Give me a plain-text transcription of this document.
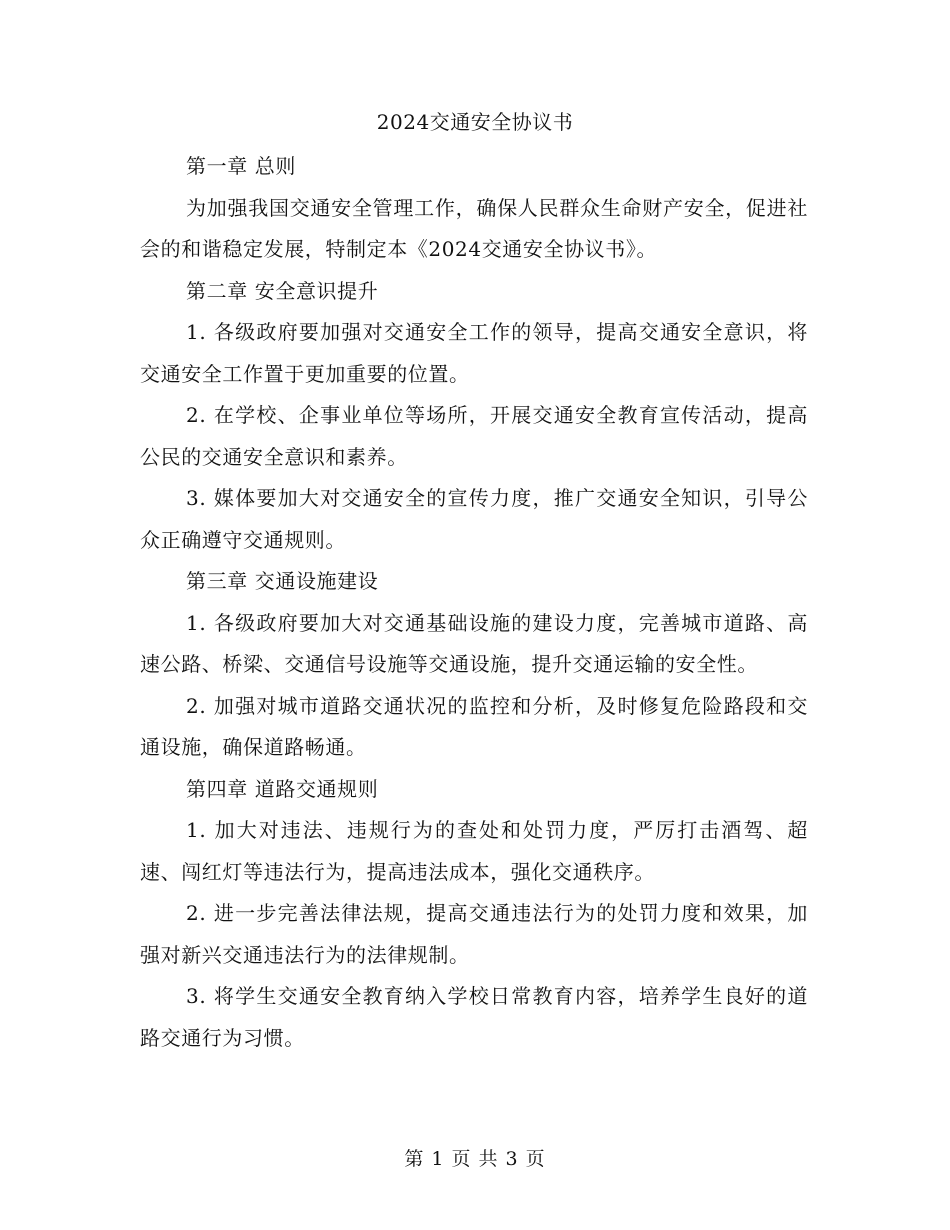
2024交通安全协议书

第一章 总则

为加强我国交通安全管理工作，确保人民群众生命财产安全，促进社会的和谐稳定发展，特制定本《2024交通安全协议书》。

第二章 安全意识提升

1. 各级政府要加强对交通安全工作的领导，提高交通安全意识，将交通安全工作置于更加重要的位置。

2. 在学校、企事业单位等场所，开展交通安全教育宣传活动，提高公民的交通安全意识和素养。

3. 媒体要加大对交通安全的宣传力度，推广交通安全知识，引导公众正确遵守交通规则。

第三章 交通设施建设

1. 各级政府要加大对交通基础设施的建设力度，完善城市道路、高速公路、桥梁、交通信号设施等交通设施，提升交通运输的安全性。

2. 加强对城市道路交通状况的监控和分析，及时修复危险路段和交通设施，确保道路畅通。

第四章 道路交通规则

1. 加大对违法、违规行为的查处和处罚力度，严厉打击酒驾、超速、闯红灯等违法行为，提高违法成本，强化交通秩序。

2. 进一步完善法律法规，提高交通违法行为的处罚力度和效果，加强对新兴交通违法行为的法律规制。

3. 将学生交通安全教育纳入学校日常教育内容，培养学生良好的道路交通行为习惯。

第 1 页 共 3 页
